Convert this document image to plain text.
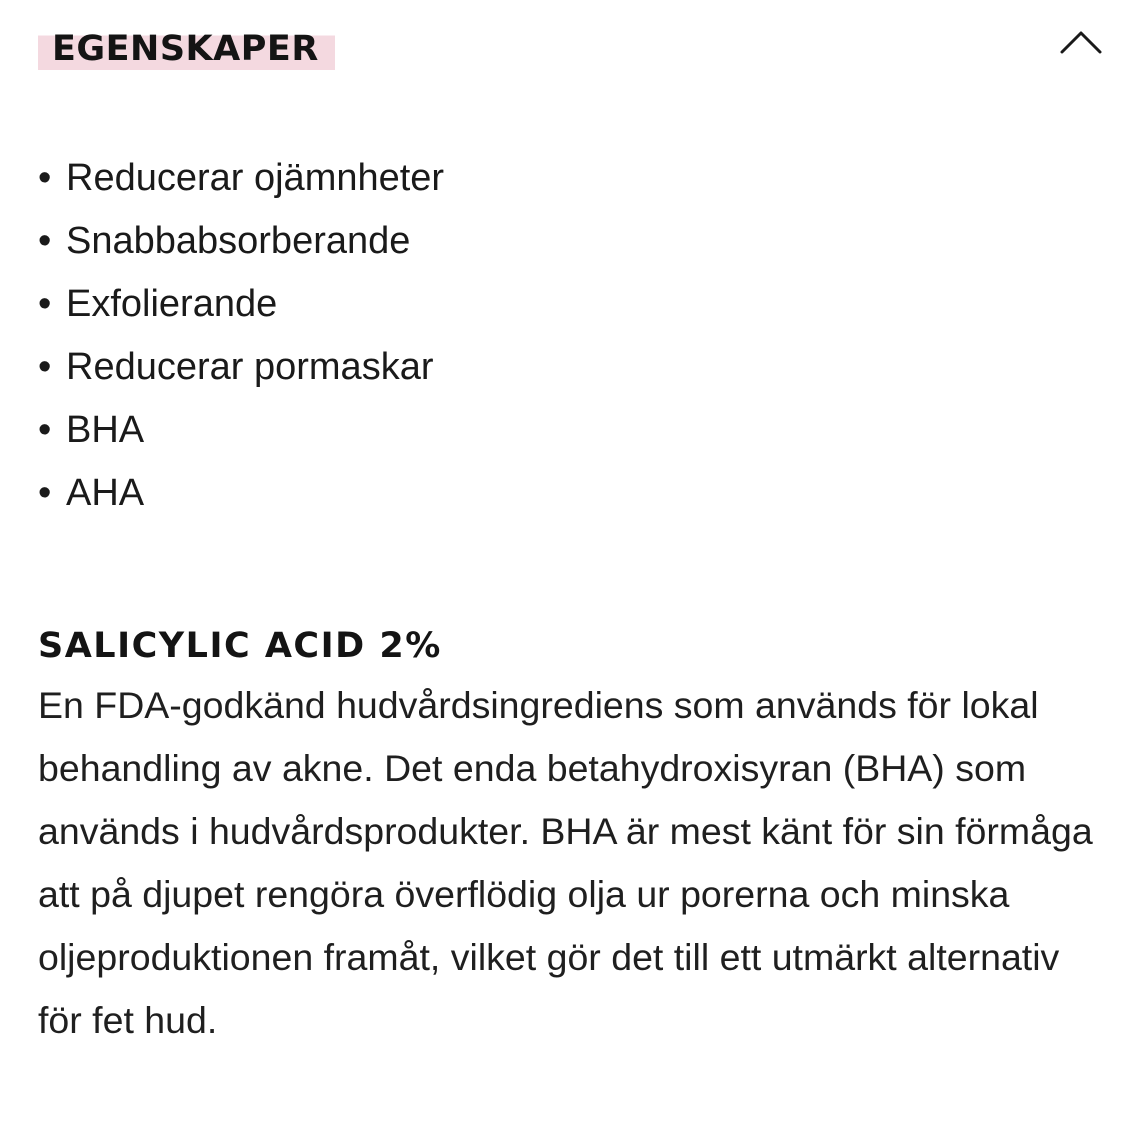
EGENSKAPER
• Reducerar ojämnheter
• Snabbabsorberande
• Exfolierande
• Reducerar pormaskar
• BHA
• AHA
SALICYLIC ACID 2%

En FDA-godkänd hudvårdsingrediens som används för lokal behandling av akne. Det enda betahydroxisyran (BHA) som används i hudvårdsprodukter. BHA är mest känt för sin förmåga att på djupet rengöra överflödig olja ur porerna och minska oljeproduktionen framåt, vilket gör det till ett utmärkt alternativ för fet hud.
